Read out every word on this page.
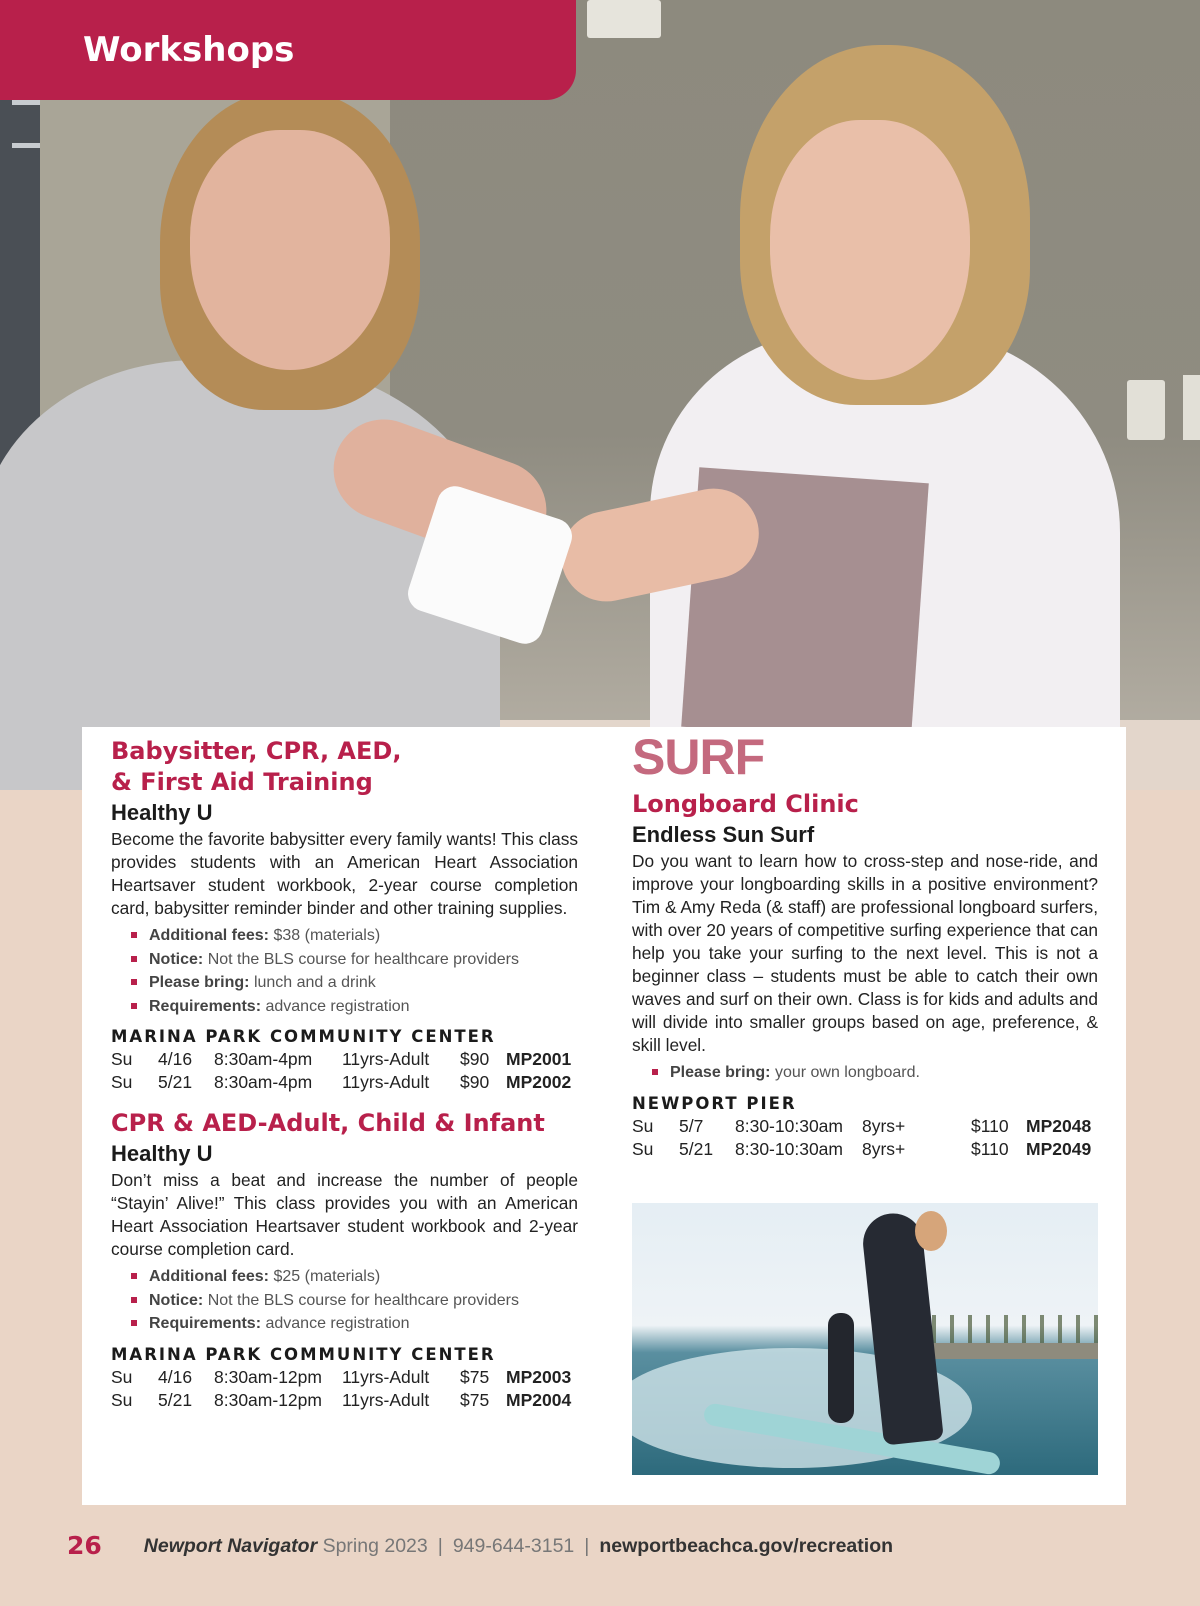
Workshops
Babysitter, CPR, AED,
& First Aid Training

Healthy U

Become the favorite babysitter every family wants! This class provides students with an American Heart Association Heartsaver student workbook, 2-year course completion card, babysitter reminder binder and other training supplies.

Additional fees: $38 (materials)
Notice: Not the BLS course for healthcare providers
Please bring: lunch and a drink
Requirements: advance registration

MARINA PARK COMMUNITY CENTER

Su	4/16	8:30am-4pm	11yrs-Adult	$90	MP2001
Su	5/21	8:30am-4pm	11yrs-Adult	$90	MP2002
CPR & AED-Adult, Child & Infant

Healthy U

Don’t miss a beat and increase the number of people “Stayin’ Alive!” This class provides you with an American Heart Association Heartsaver student workbook and 2-year course completion card.

Additional fees: $25 (materials)
Notice: Not the BLS course for healthcare providers
Requirements: advance registration

MARINA PARK COMMUNITY CENTER

Su	4/16	8:30am-12pm	11yrs-Adult	$75	MP2003
Su	5/21	8:30am-12pm	11yrs-Adult	$75	MP2004
SURF
Longboard Clinic

Endless Sun Surf

Do you want to learn how to cross-step and nose-ride, and improve your longboarding skills in a positive environment? Tim & Amy Reda (& staff) are professional longboard surfers, with over 20 years of competitive surfing experience that can help you take your surfing to the next level. This is not a beginner class – students must be able to catch their own waves and surf on their own. Class is for kids and adults and will divide into smaller groups based on age, preference, & skill level.

Please bring: your own longboard.

NEWPORT PIER

Su	5/7	8:30-10:30am	8yrs+	$110	MP2048
Su	5/21	8:30-10:30am	8yrs+	$110	MP2049
26 Newport Navigator Spring 2023 | 949-644-3151 | newportbeachca.gov/recreation
